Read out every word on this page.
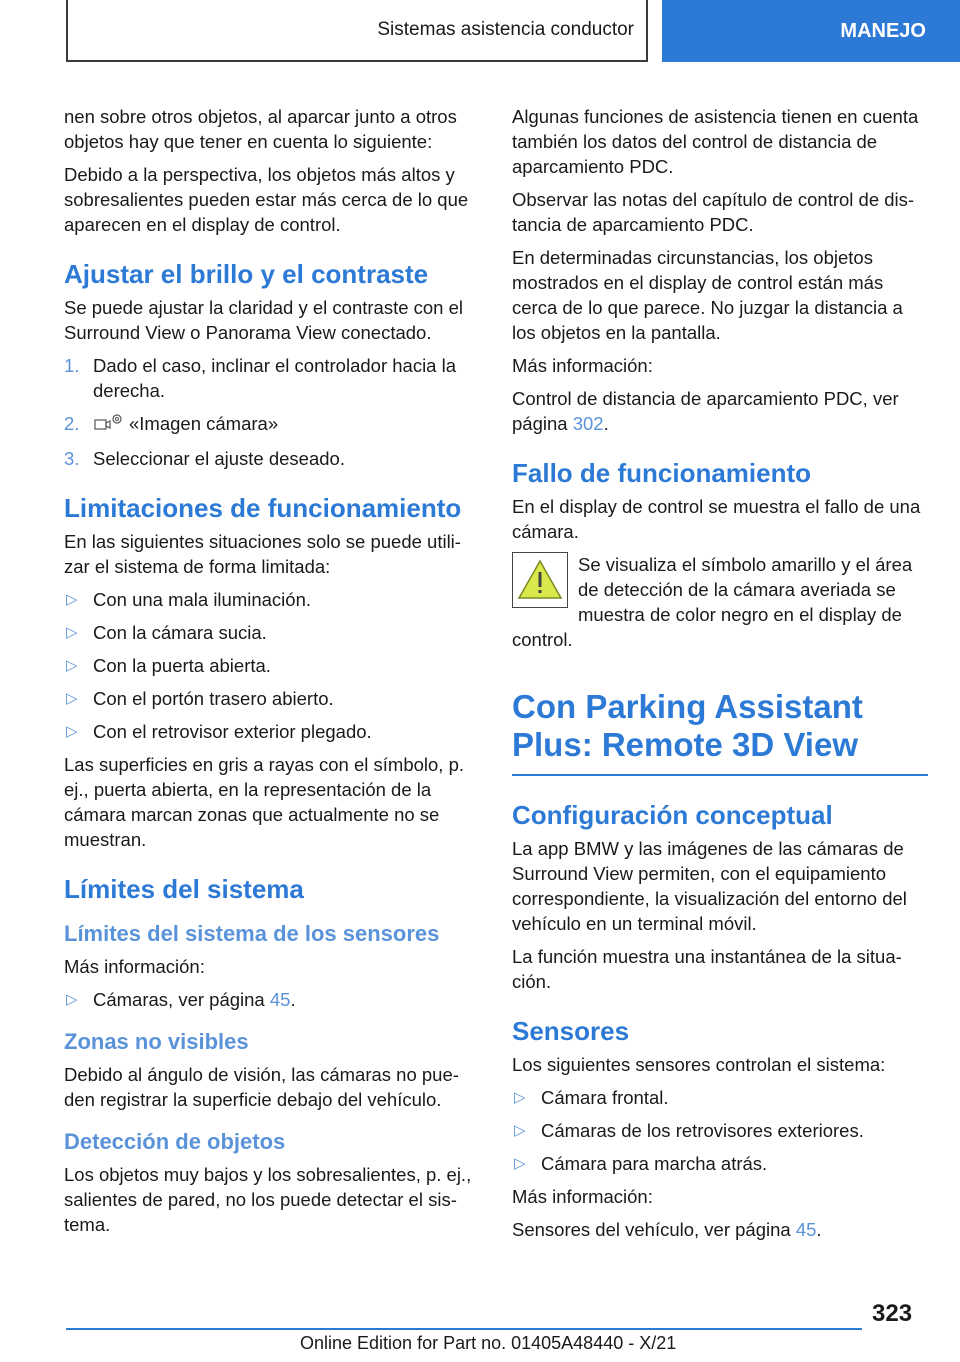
Sistemas asistencia conductor	MANEJO

nen sobre otros objetos, al aparcar junto a otros objetos hay que tener en cuenta lo siguiente:

Debido a la perspectiva, los objetos más altos y sobresalientes pueden estar más cerca de lo que aparecen en el display de control.

Ajustar el brillo y el contraste

Se puede ajustar la claridad y el contraste con el Surround View o Panorama View conectado.

1. Dado el caso, inclinar el controlador hacia la derecha.
2.	«Imagen cámara»
3. Seleccionar el ajuste deseado.
Limitaciones de funcionamiento

En las siguientes situaciones solo se puede utili-zar el sistema de forma limitada:

▷ Con una mala iluminación.
▷ Con la cámara sucia.
▷ Con la puerta abierta.
▷ Con el portón trasero abierto.
▷ Con el retrovisor exterior plegado.

Las superficies en gris a rayas con el símbolo, p. ej., puerta abierta, en la representación de la cámara marcan zonas que actualmente no se muestran.

Límites del sistema
Límites del sistema de los sensores

Más información:

▷ Cámaras, ver página 45.
Zonas no visibles

Debido al ángulo de visión, las cámaras no pue-den registrar la superficie debajo del vehículo.

Detección de objetos

Los objetos muy bajos y los sobresalientes, p. ej., salientes de pared, no los puede detectar el sis-tema.

Algunas funciones de asistencia tienen en cuenta también los datos del control de distancia de aparcamiento PDC.

Observar las notas del capítulo de control de dis-tancia de aparcamiento PDC.

En determinadas circunstancias, los objetos mostrados en el display de control están más cerca de lo que parece. No juzgar la distancia a los objetos en la pantalla.

Más información:

Control de distancia de aparcamiento PDC, ver página 302.

Fallo de funcionamiento

En el display de control se muestra el fallo de una cámara.

Se visualiza el símbolo amarillo y el área de detección de la cámara averiada se muestra de color negro en el display de

control.

Con Parking Assistant Plus: Remote 3D View
Configuración conceptual

La app BMW y las imágenes de las cámaras de Surround View permiten, con el equipamiento correspondiente, la visualización del entorno del vehículo en un terminal móvil.

La función muestra una instantánea de la situa-ción.

Sensores

Los siguientes sensores controlan el sistema:

▷ Cámara frontal.
▷ Cámaras de los retrovisores exteriores.
▷ Cámara para marcha atrás.

Más información:

Sensores del vehículo, ver página 45.

323
Online Edition for Part no. 01405A48440 - X/21
